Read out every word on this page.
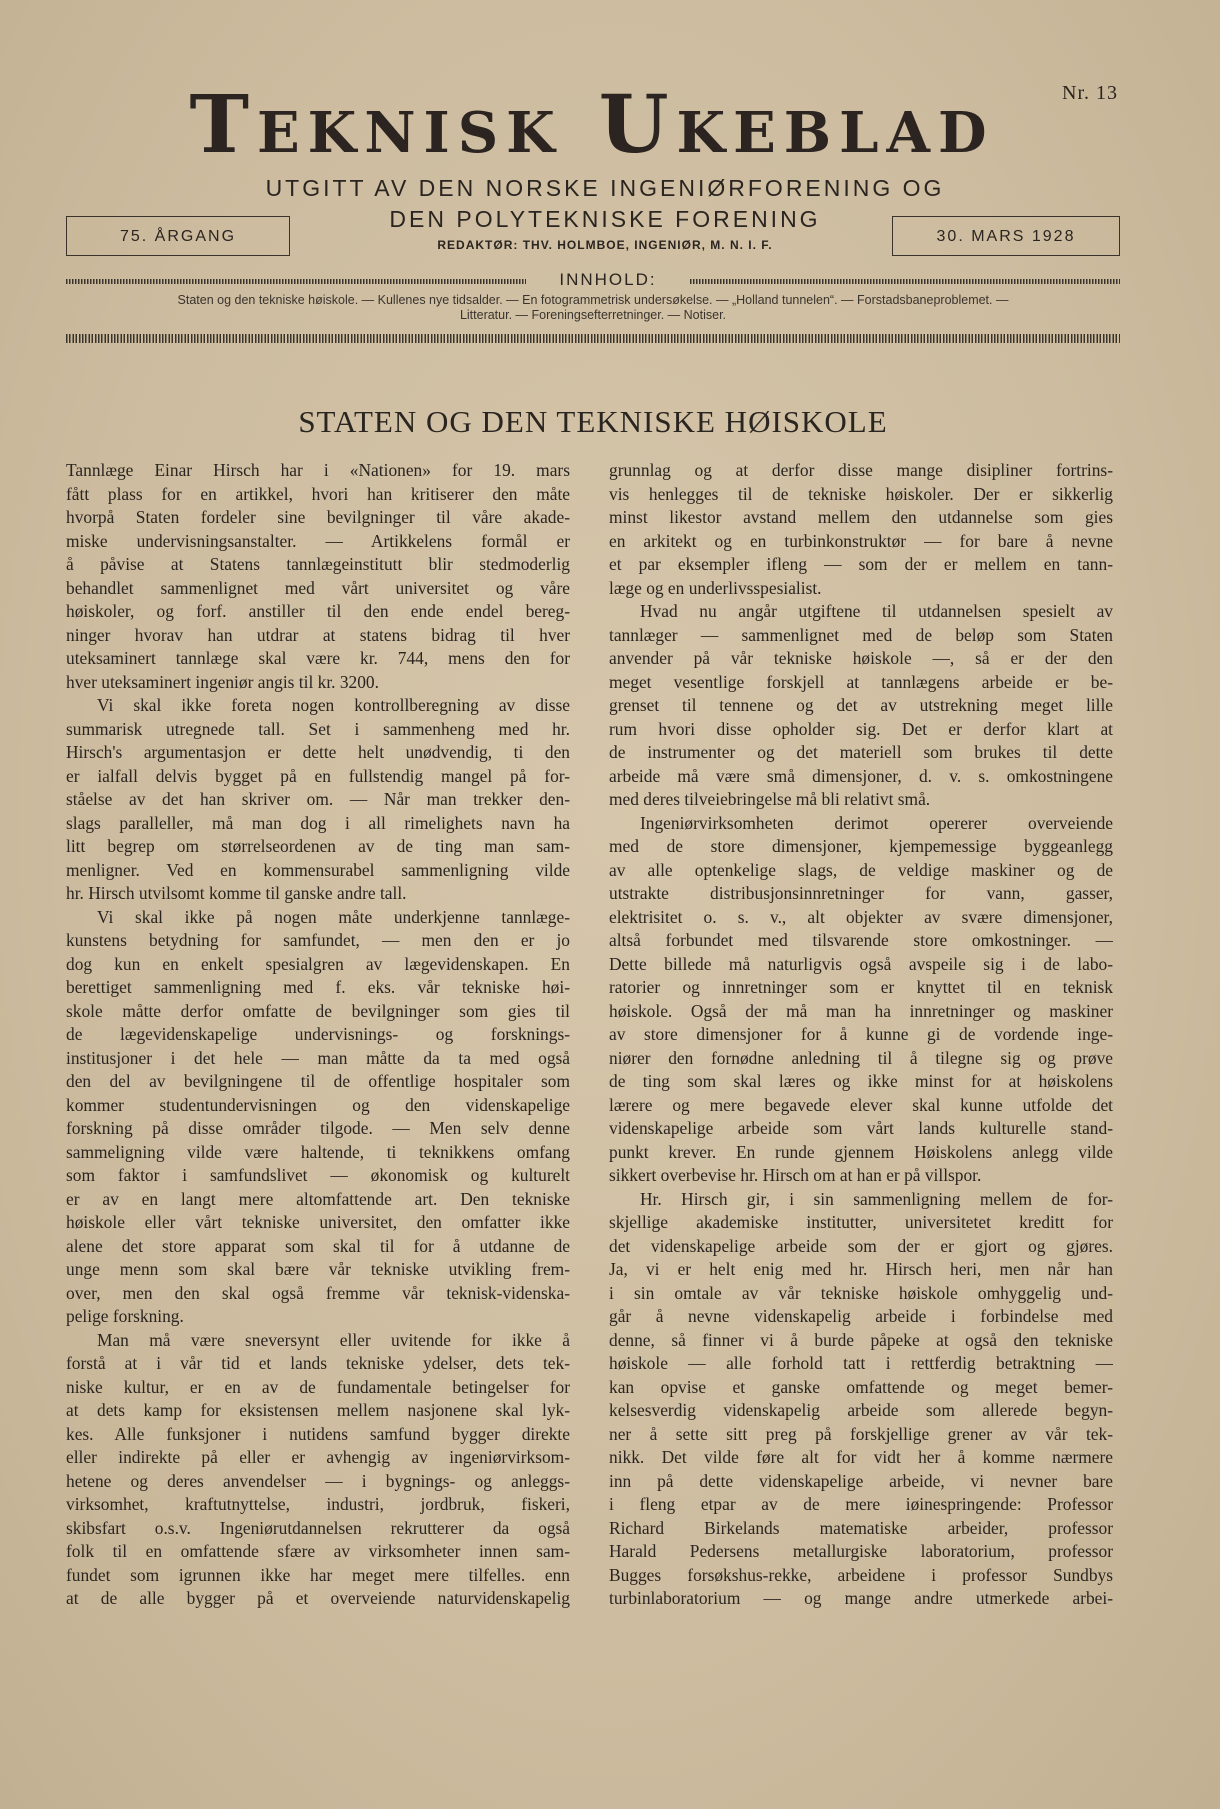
Teknisk Ukeblad	Nr. 13
UTGITT AV DEN NORSKE INGENIØRFORENING OG
DEN POLYTEKNISKE FORENING
REDAKTØR: THV. HOLMBOE, INGENIØR, M. N. I. F.
75. ÅRGANG	30. MARS 1928
INNHOLD:
Staten og den tekniske høiskole. — Kullenes nye tidsalder. — En fotogrammetrisk undersøkelse. — „Holland tunnelen“. — Forstadsbaneproblemet. —
Litteratur. — Foreningsefterretninger. — Notiser.
STATEN OG DEN TEKNISKE HØISKOLE
Tannlæge Einar Hirsch har i «Nationen» for 19. mars
fått plass for en artikkel, hvori han kritiserer den måte
hvorpå Staten fordeler sine bevilgninger til våre akade-
miske undervisningsanstalter. — Artikkelens formål er
å påvise at Statens tannlægeinstitutt blir stedmoderlig
behandlet sammenlignet med vårt universitet og våre
høiskoler, og forf. anstiller til den ende endel bereg-
ninger hvorav han utdrar at statens bidrag til hver
uteksaminert tannlæge skal være kr. 744, mens den for
hver uteksaminert ingeniør angis til kr. 3200.
Vi skal ikke foreta nogen kontrollberegning av disse
summarisk utregnede tall. Set i sammenheng med hr.
Hirsch's argumentasjon er dette helt unødvendig, ti den
er ialfall delvis bygget på en fullstendig mangel på for-
ståelse av det han skriver om. — Når man trekker den-
slags paralleller, må man dog i all rimelighets navn ha
litt begrep om størrelseordenen av de ting man sam-
menligner. Ved en kommensurabel sammenligning vilde
hr. Hirsch utvilsomt komme til ganske andre tall.
Vi skal ikke på nogen måte underkjenne tannlæge-
kunstens betydning for samfundet, — men den er jo
dog kun en enkelt spesialgren av lægevidenskapen. En
berettiget sammenligning med f. eks. vår tekniske høi-
skole måtte derfor omfatte de bevilgninger som gies til
de lægevidenskapelige undervisnings- og forsknings-
institusjoner i det hele — man måtte da ta med også
den del av bevilgningene til de offentlige hospitaler som
kommer studentundervisningen og den videnskapelige
forskning på disse områder tilgode. — Men selv denne
sammeligning vilde være haltende, ti teknikkens omfang
som faktor i samfundslivet — økonomisk og kulturelt
er av en langt mere altomfattende art. Den tekniske
høiskole eller vårt tekniske universitet, den omfatter ikke
alene det store apparat som skal til for å utdanne de
unge menn som skal bære vår tekniske utvikling frem-
over, men den skal også fremme vår teknisk-videnska-
pelige forskning.
Man må være sneversynt eller uvitende for ikke å
forstå at i vår tid et lands tekniske ydelser, dets tek-
niske kultur, er en av de fundamentale betingelser for
at dets kamp for eksistensen mellem nasjonene skal lyk-
kes. Alle funksjoner i nutidens samfund bygger direkte
eller indirekte på eller er avhengig av ingeniørvirksom-
hetene og deres anvendelser — i bygnings- og anleggs-
virksomhet, kraftutnyttelse, industri, jordbruk, fiskeri,
skibsfart o.s.v. Ingeniørutdannelsen rekrutterer da også
folk til en omfattende sfære av virksomheter innen sam-
fundet som igrunnen ikke har meget mere tilfelles. enn
at de alle bygger på et overveiende naturvidenskapelig
grunnlag og at derfor disse mange disipliner fortrins-
vis henlegges til de tekniske høiskoler. Der er sikkerlig
minst likestor avstand mellem den utdannelse som gies
en arkitekt og en turbinkonstruktør — for bare å nevne
et par eksempler ifleng — som der er mellem en tann-
læge og en underlivsspesialist.
Hvad nu angår utgiftene til utdannelsen spesielt av
tannlæger — sammenlignet med de beløp som Staten
anvender på vår tekniske høiskole —, så er der den
meget vesentlige forskjell at tannlægens arbeide er be-
grenset til tennene og det av utstrekning meget lille
rum hvori disse opholder sig. Det er derfor klart at
de instrumenter og det materiell som brukes til dette
arbeide må være små dimensjoner, d. v. s. omkostningene
med deres tilveiebringelse må bli relativt små.
Ingeniørvirksomheten derimot opererer overveiende
med de store dimensjoner, kjempemessige byggeanlegg
av alle optenkelige slags, de veldige maskiner og de
utstrakte distribusjonsinnretninger for vann, gasser,
elektrisitet o. s. v., alt objekter av svære dimensjoner,
altså forbundet med tilsvarende store omkostninger. —
Dette billede må naturligvis også avspeile sig i de labo-
ratorier og innretninger som er knyttet til en teknisk
høiskole. Også der må man ha innretninger og maskiner
av store dimensjoner for å kunne gi de vordende inge-
niører den fornødne anledning til å tilegne sig og prøve
de ting som skal læres og ikke minst for at høiskolens
lærere og mere begavede elever skal kunne utfolde det
videnskapelige arbeide som vårt lands kulturelle stand-
punkt krever. En runde gjennem Høiskolens anlegg vilde
sikkert overbevise hr. Hirsch om at han er på villspor.
Hr. Hirsch gir, i sin sammenligning mellem de for-
skjellige akademiske institutter, universitetet kreditt for
det videnskapelige arbeide som der er gjort og gjøres.
Ja, vi er helt enig med hr. Hirsch heri, men når han
i sin omtale av vår tekniske høiskole omhyggelig und-
går å nevne videnskapelig arbeide i forbindelse med
denne, så finner vi å burde påpeke at også den tekniske
høiskole — alle forhold tatt i rettferdig betraktning —
kan opvise et ganske omfattende og meget bemer-
kelsesverdig videnskapelig arbeide som allerede begyn-
ner å sette sitt preg på forskjellige grener av vår tek-
nikk. Det vilde føre alt for vidt her å komme nærmere
inn på dette videnskapelige arbeide, vi nevner bare
i fleng etpar av de mere iøinespringende: Professor
Richard Birkelands matematiske arbeider, professor
Harald Pedersens metallurgiske laboratorium, professor
Bugges forsøkshus-rekke, arbeidene i professor Sundbys
turbinlaboratorium — og mange andre utmerkede arbei-
